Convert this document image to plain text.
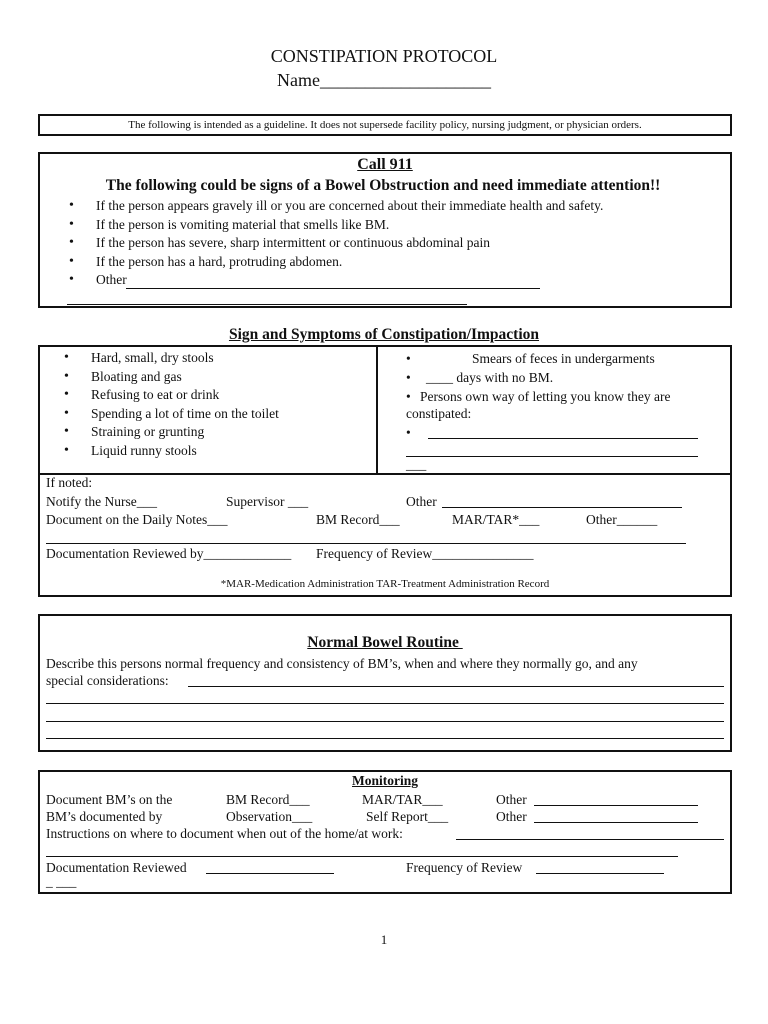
CONSTIPATION PROTOCOL
Name___________________
The following is intended as a guideline. It does not supersede facility policy, nursing judgment, or physician orders.
Call 911
The following could be signs of a Bowel Obstruction and need immediate attention!!
• If the person appears gravely ill or you are concerned about their immediate health and safety.
• If the person is vomiting material that smells like BM.
• If the person has severe, sharp intermittent or continuous abdominal pain
• If the person has a hard, protruding abdomen.
• Other
Sign and Symptoms of Constipation/Impaction
• Hard, small, dry stools
• Bloating and gas
• Refusing to eat or drink
• Spending a lot of time on the toilet
• Straining or grunting
• Liquid runny stools
•	Smears of feces in undergarments
• ____ days with no BM.
• Persons own way of letting you know they are
constipated:
•
___
If noted:
Notify the Nurse___	Supervisor ___	Other
Document on the Daily Notes___	BM Record___	MAR/TAR*___	Other______
Documentation Reviewed by_____________ Frequency of Review_______________
*MAR-Medication Administration TAR-Treatment Administration Record
Normal Bowel Routine
Describe this persons normal frequency and consistency of BM’s, when and where they normally go, and any
special considerations:
Monitoring
Document BM’s on the	BM Record___	MAR/TAR___	Other
BM’s documented by	Observation___	Self Report___	Other
Instructions on where to document when out of the home/at work:
Documentation Reviewed	Frequency of Review
_ ___
1
